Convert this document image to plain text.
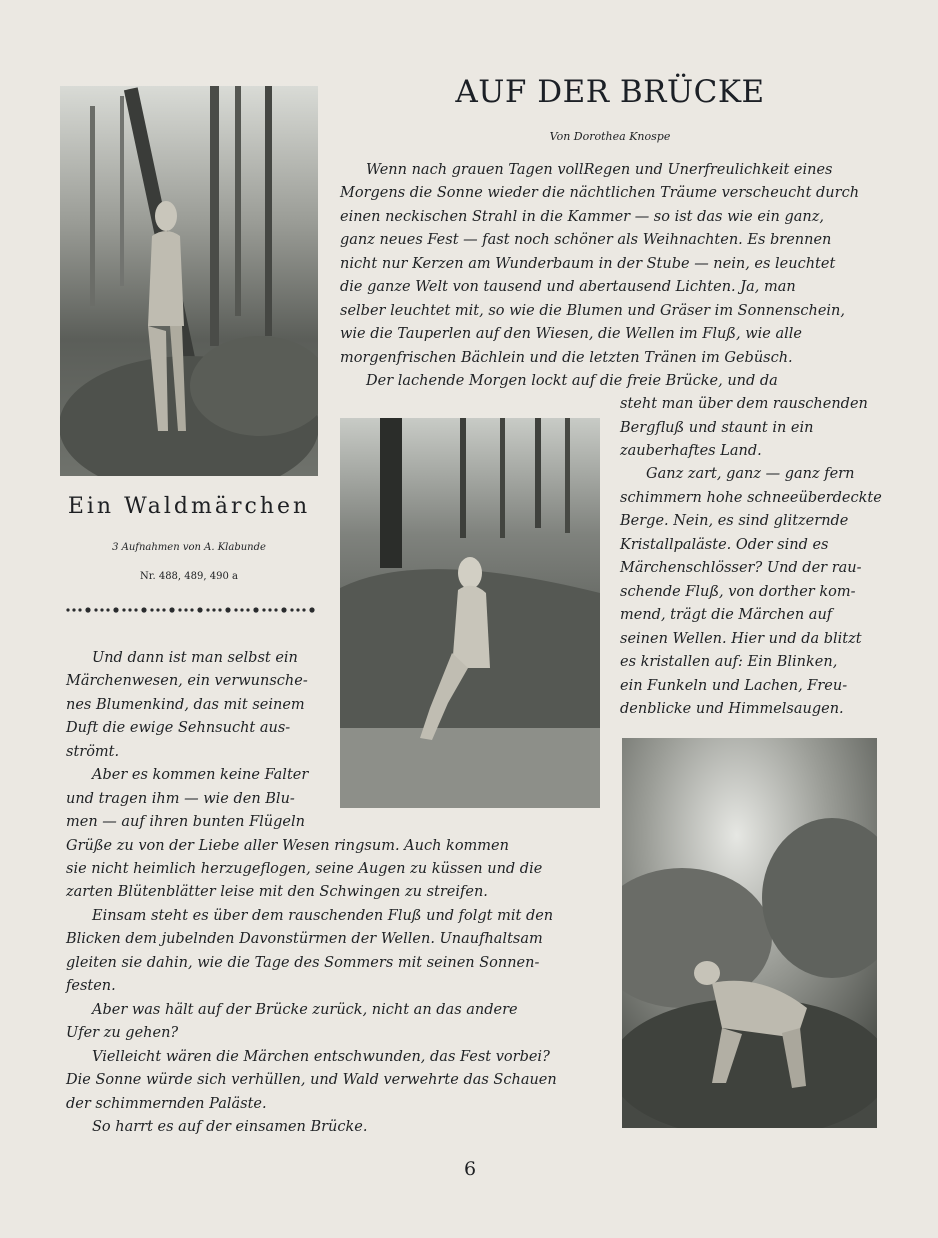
AUF DER BRÜCKE
Von Dorothea Knospe
Ein Waldmärchen
3 Aufnahmen von A. Klabunde
Nr. 488, 489, 490 a
Wenn nach grauen Tagen vollRegen und Unerfreulichkeit eines
Morgens die Sonne wieder die nächtlichen Träume verscheucht durch
einen neckischen Strahl in die Kammer — so ist das wie ein ganz,
ganz neues Fest — fast noch schöner als Weihnachten. Es brennen
nicht nur Kerzen am Wunderbaum in der Stube — nein, es leuchtet
die ganze Welt von tausend und abertausend Lichten. Ja, man
selber leuchtet mit, so wie die Blumen und Gräser im Sonnenschein,
wie die Tauperlen auf den Wiesen, die Wellen im Fluß, wie alle
morgenfrischen Bächlein und die letzten Tränen im Gebüsch.
Der lachende Morgen lockt auf die freie Brücke, und da
steht man über dem rauschenden
Bergfluß und staunt in ein
zauberhaftes Land.
Ganz zart, ganz — ganz fern
schimmern hohe schneeüberdeckte
Berge. Nein, es sind glitzernde
Kristallpaläste. Oder sind es
Märchenschlösser? Und der rau-
schende Fluß, von dorther kom-
mend, trägt die Märchen auf
seinen Wellen. Hier und da blitzt
es kristallen auf: Ein Blinken,
ein Funkeln und Lachen, Freu-
denblicke und Himmelsaugen.
Und dann ist man selbst ein
Märchenwesen, ein verwunsche-
nes Blumenkind, das mit seinem
Duft die ewige Sehnsucht aus-
strömt.
Aber es kommen keine Falter
und tragen ihm — wie den Blu-
men — auf ihren bunten Flügeln
Grüße zu von der Liebe aller Wesen ringsum. Auch kommen
sie nicht heimlich herzugeflogen, seine Augen zu küssen und die
zarten Blütenblätter leise mit den Schwingen zu streifen.
Einsam steht es über dem rauschenden Fluß und folgt mit den
Blicken dem jubelnden Davonstürmen der Wellen. Unaufhaltsam
gleiten sie dahin, wie die Tage des Sommers mit seinen Sonnen-
festen.
Aber was hält auf der Brücke zurück, nicht an das andere
Ufer zu gehen?
Vielleicht wären die Märchen entschwunden, das Fest vorbei?
Die Sonne würde sich verhüllen, und Wald verwehrte das Schauen
der schimmernden Paläste.
So harrt es auf der einsamen Brücke.
6
